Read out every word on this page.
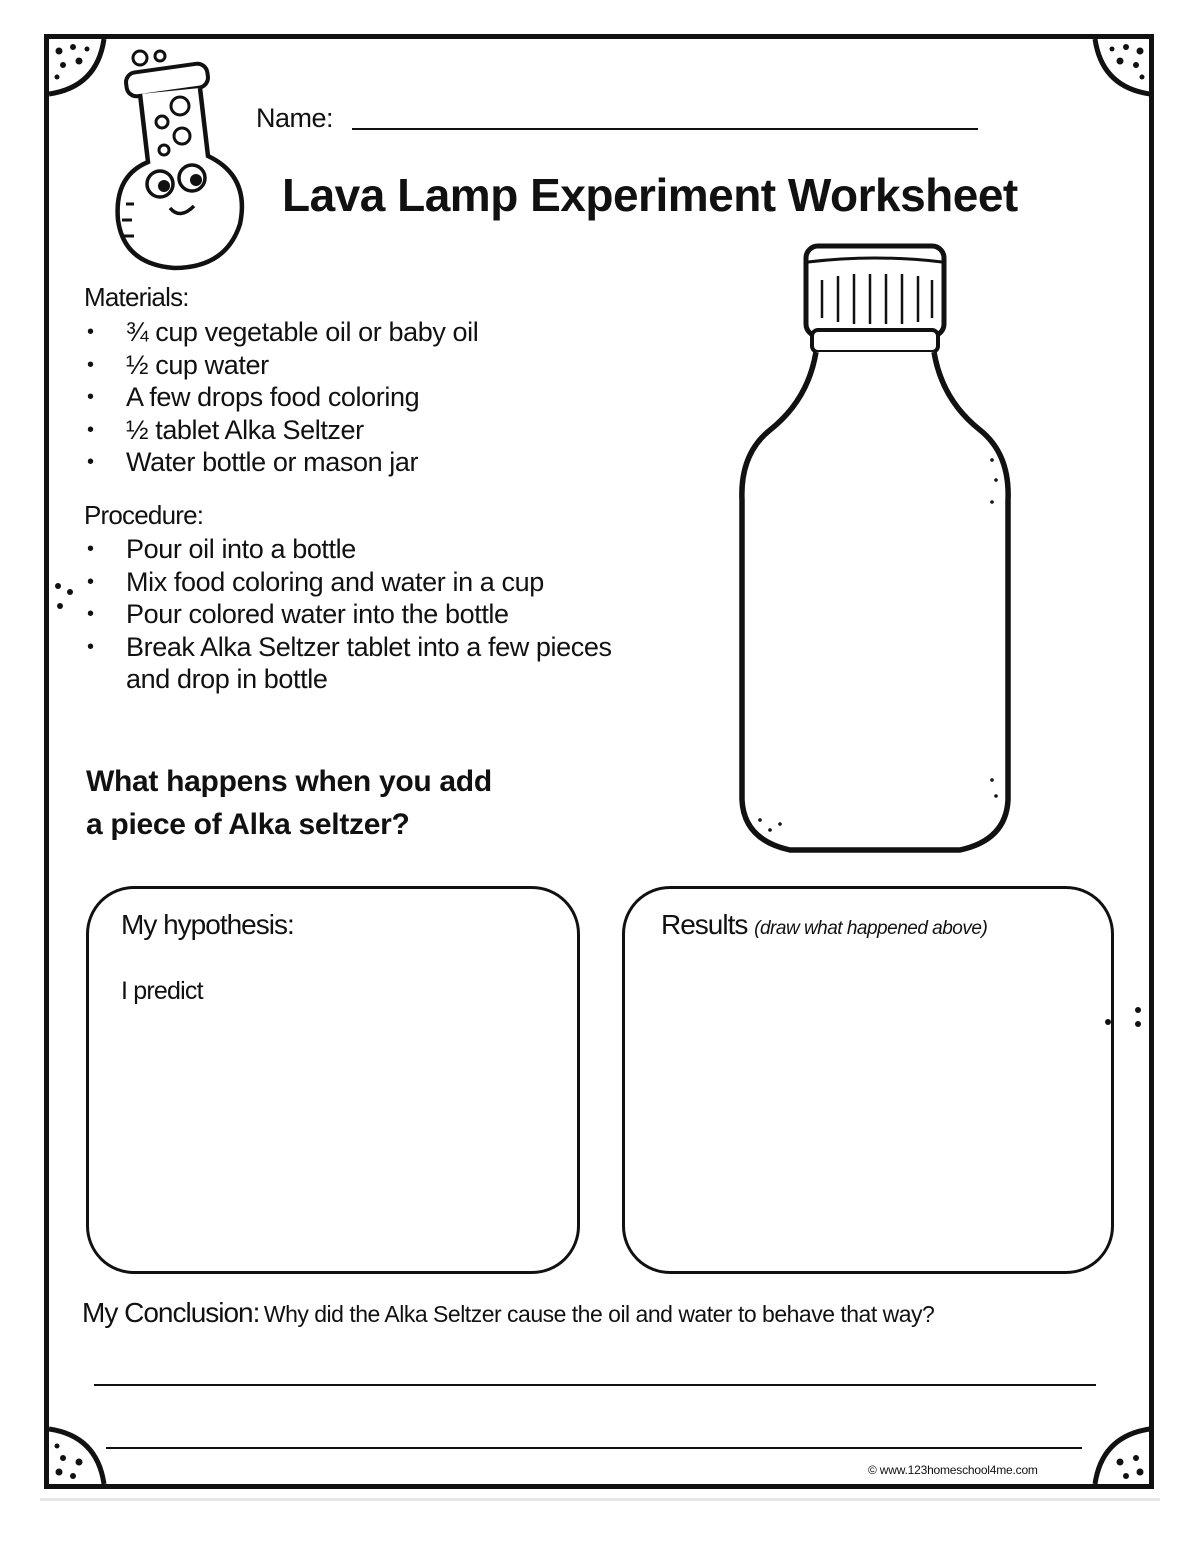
Name:
Lava Lamp Experiment Worksheet
Materials:
• ¾ cup vegetable oil or baby oil
• ½ cup water
• A few drops food coloring
• ½ tablet Alka Seltzer
• Water bottle or mason jar
Procedure:
• Pour oil into a bottle
• Mix food coloring and water in a cup
• Pour colored water into the bottle
• Break Alka Seltzer tablet into a few pieces and drop in bottle
What happens when you add
a piece of Alka seltzer?
My hypothesis:
I predict
Results (draw what happened above)
My Conclusion: Why did the Alka Seltzer cause the oil and water to behave that way?
© www.123homeschool4me.com
